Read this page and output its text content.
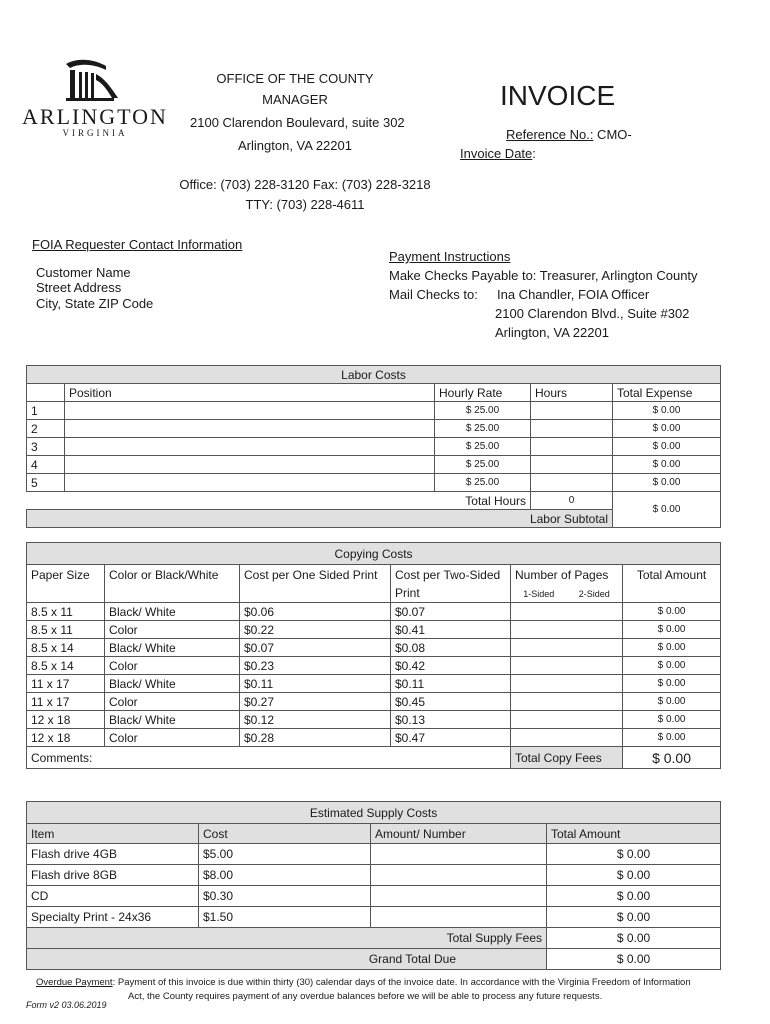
ARLINGTON
VIRGINIA
OFFICE OF THE COUNTY
MANAGER
2100 Clarendon Boulevard, suite 302
Arlington, VA 22201
Office: (703) 228-3120 Fax: (703) 228-3218
TTY: (703) 228-4611
INVOICE
Reference No.: CMO-
Invoice Date:
FOIA Requester Contact Information
Customer Name
Street Address
City, State ZIP Code
Payment Instructions
Make Checks Payable to: Treasurer, Arlington County
Mail Checks to: Ina Chandler, FOIA Officer
2100 Clarendon Blvd., Suite #302
Arlington, VA 22201
Labor Costs				
	Position	Hourly Rate	Hours	Total Expense
1		$ 25.00		$ 0.00
2		$ 25.00		$ 0.00
3		$ 25.00		$ 0.00
4		$ 25.00		$ 0.00
5		$ 25.00		$ 0.00
Total Hours			0	$ 0.00
Labor Subtotal				
Copying Costs						
Paper Size	Color or Black/White	Cost per One Sided Print	Cost per Two-Sided	Number of Pages		Total Amount
			Print	1-Sided	2-Sided	
8.5 x 11	Black/ White	$0.06	$0.07			$ 0.00
8.5 x 11	Color	$0.22	$0.41			$ 0.00
8.5 x 14	Black/ White	$0.07	$0.08			$ 0.00
8.5 x 14	Color	$0.23	$0.42			$ 0.00
11 x 17	Black/ White	$0.11	$0.11			$ 0.00
11 x 17	Color	$0.27	$0.45			$ 0.00
12 x 18	Black/ White	$0.12	$0.13			$ 0.00
12 x 18	Color	$0.28	$0.47			$ 0.00
Comments:				Total Copy Fees		$ 0.00
Estimated Supply Costs			
Item	Cost	Amount/ Number	Total Amount
Flash drive 4GB	$5.00		$ 0.00
Flash drive 8GB	$8.00		$ 0.00
CD	$0.30		$ 0.00
Specialty Print - 24x36	$1.50		$ 0.00
Total Supply Fees			$ 0.00
Grand Total Due			$ 0.00
Overdue Payment: Payment of this invoice is due within thirty (30) calendar days of the invoice date. In accordance with the Virginia Freedom of Information
Act, the County requires payment of any overdue balances before we will be able to process any future requests.
Form v2 03.06.2019
